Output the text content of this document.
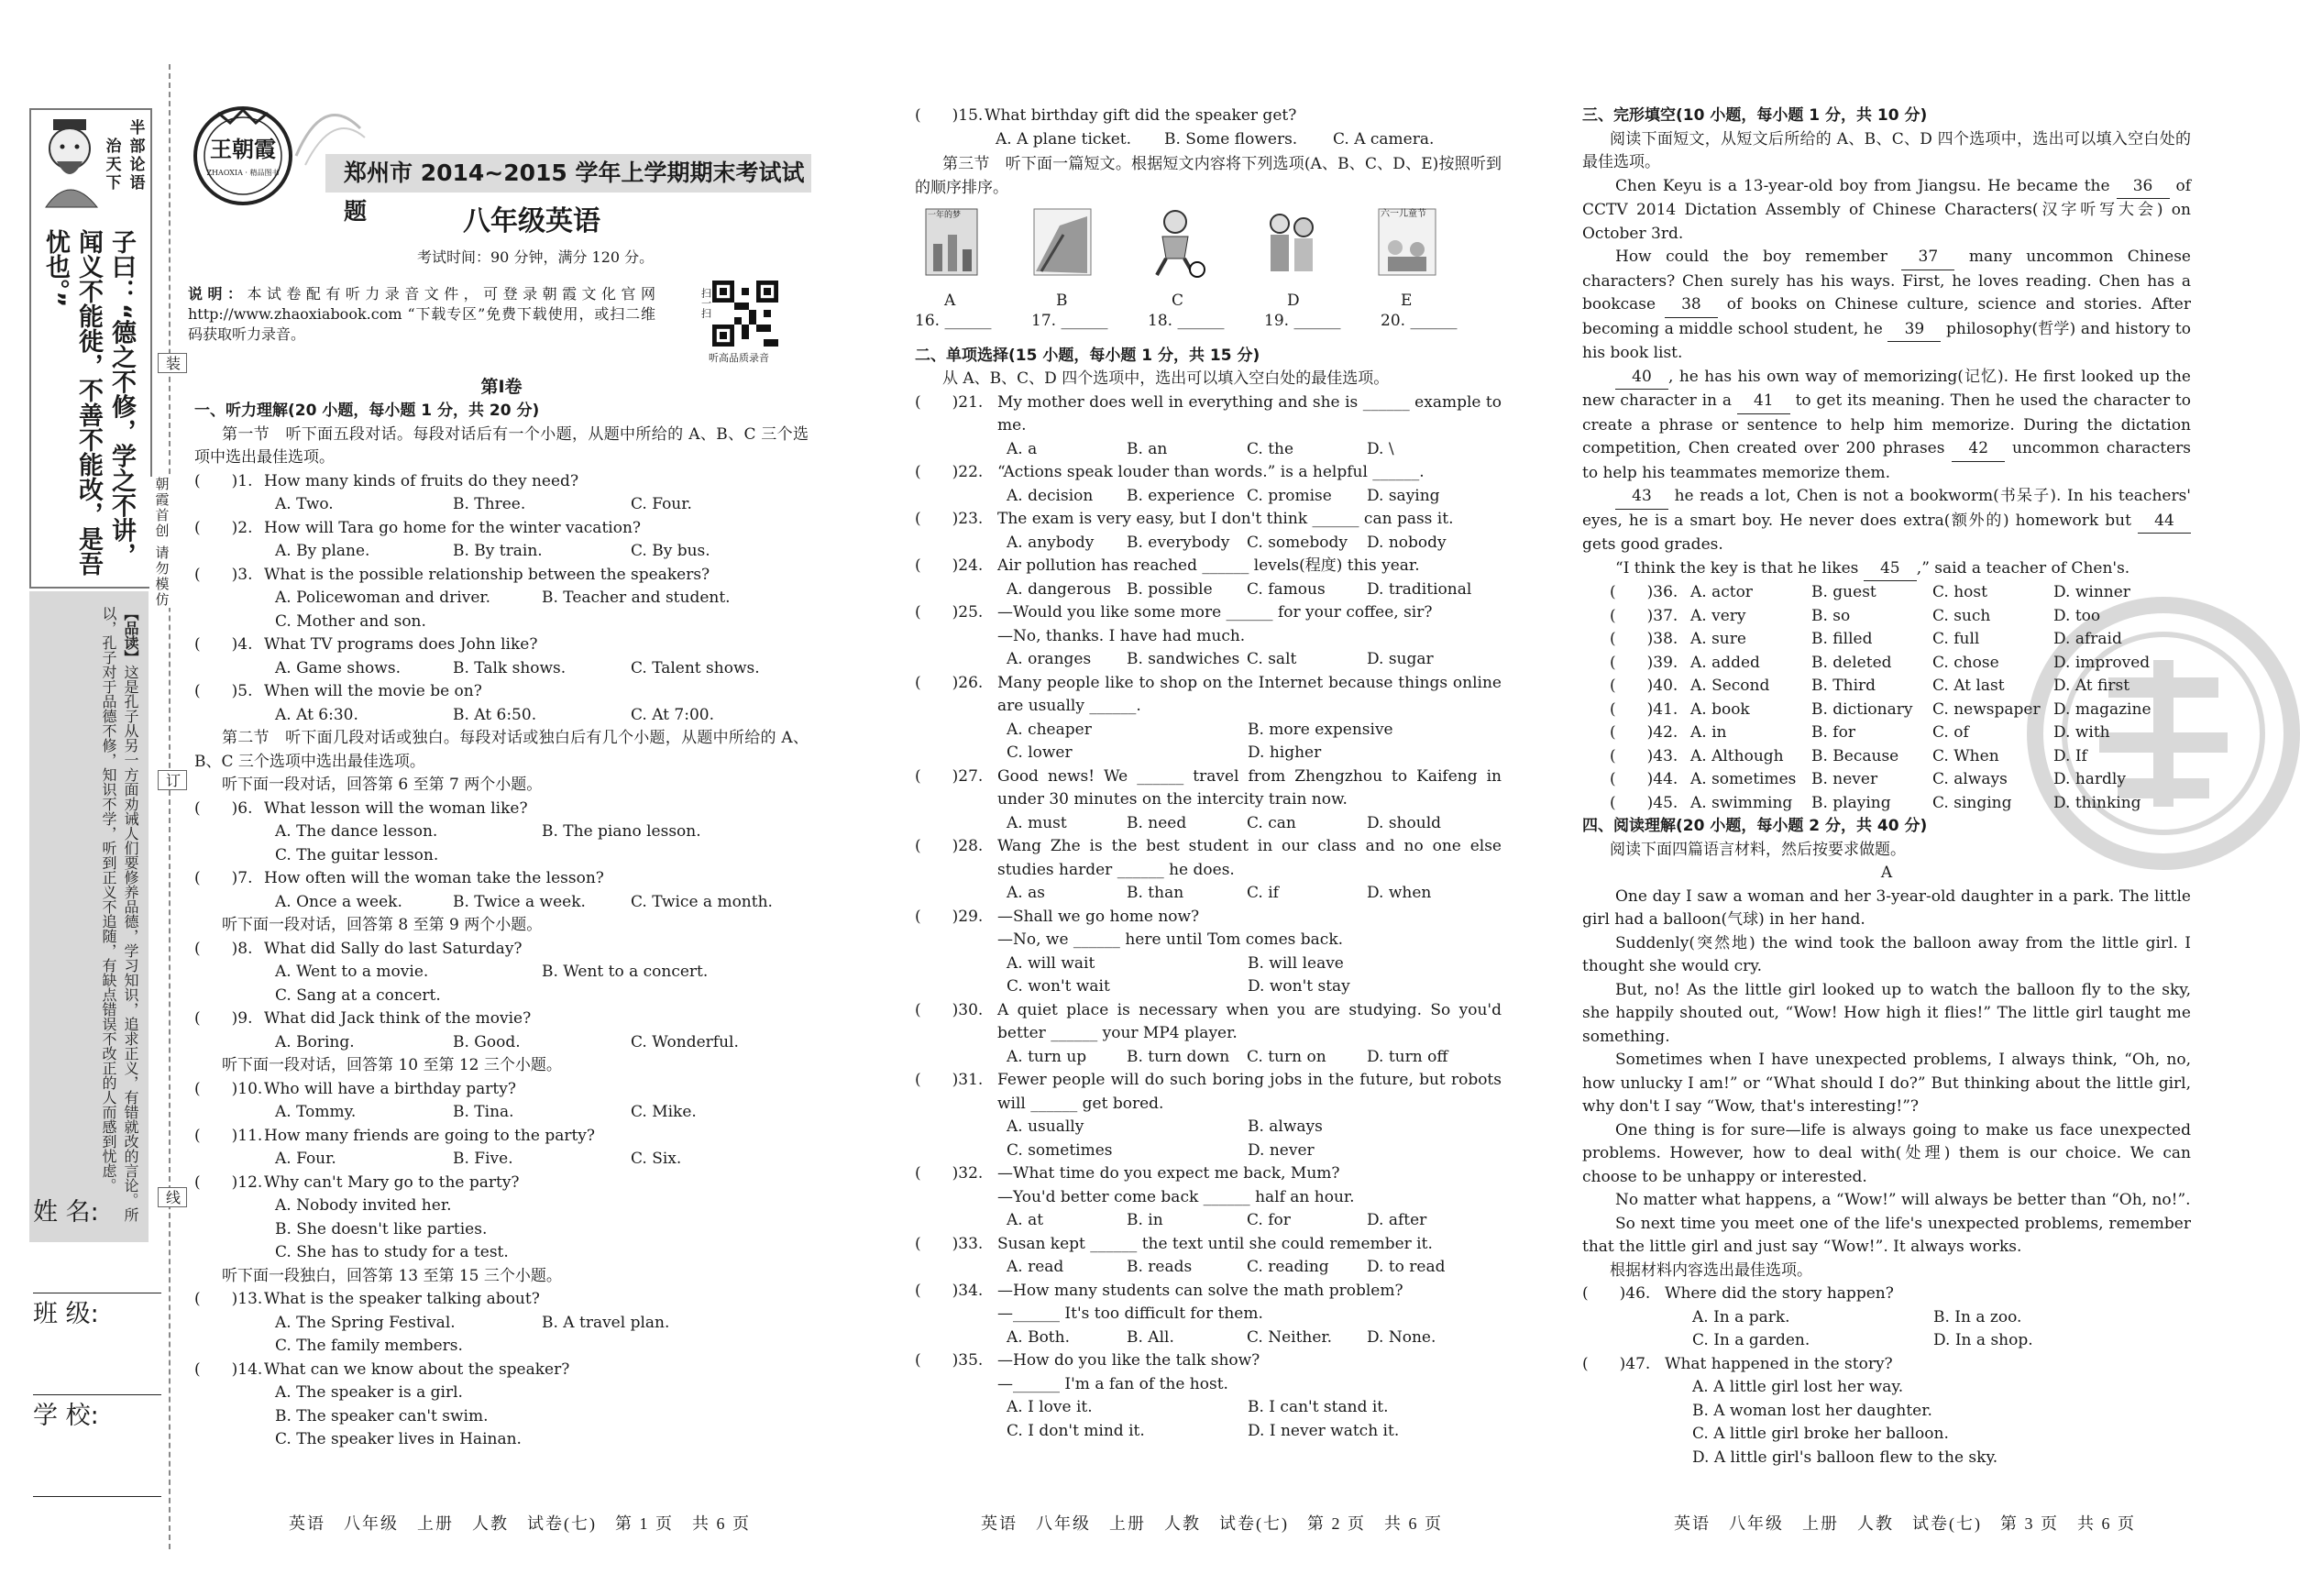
半部论语
治天下
子曰：“德之不修，学之不讲，闻义不能徙，不善不能改，是吾忧也。”
【品读】这是孔子从另一方面劝诫人们要修养品德，学习知识，追求正义，有错就改的言论。所以，孔子对于品德不修，知识不学，听到正义不追随，有缺点错误不改正的人而感到忧虑。
姓 名:
班 级:
学 校:
装
朝霞首创 请勿模仿
订
线
王朝霞
ZHAOXIA · 精品图书	郑州市 2014~2015 学年上学期期末考试试题	八年级英语
考试时间：90 分钟，满分 120 分。
说明：本试卷配有听力录音文件，可登录朝霞文化官网 http://www.zhaoxiabook.com “下载专区”免费下载使用，或扫二维码获取听力录音。
扫一扫
听高品质录音
第Ⅰ卷
一、听力理解(20 小题，每小题 1 分，共 20 分)
第一节　听下面五段对话。每段对话后有一个小题，从题中所给的 A、B、C 三个选项中选出最佳选项。
(　　)1. How many kinds of fruits do they need?
A. Two.	B. Three.	C. Four.
(　　)2. How will Tara go home for the winter vacation?
A. By plane.	B. By train.	C. By bus.
(　　)3. What is the possible relationship between the speakers?
A. Policewoman and driver.	B. Teacher and student.
C. Mother and son.
(　　)4. What TV programs does John like?
A. Game shows.	B. Talk shows.	C. Talent shows.
(　　)5. When will the movie be on?
A. At 6:30.	B. At 6:50.	C. At 7:00.
第二节　听下面几段对话或独白。每段对话或独白后有几个小题，从题中所给的 A、B、C 三个选项中选出最佳选项。
听下面一段对话，回答第 6 至第 7 两个小题。
(　　)6. What lesson will the woman like?
A. The dance lesson.	B. The piano lesson.
C. The guitar lesson.
(　　)7. How often will the woman take the lesson?
A. Once a week.	B. Twice a week.	C. Twice a month.
听下面一段对话，回答第 8 至第 9 两个小题。
(　　)8. What did Sally do last Saturday?
A. Went to a movie.	B. Went to a concert.
C. Sang at a concert.
(　　)9. What did Jack think of the movie?
A. Boring.	B. Good.	C. Wonderful.
听下面一段对话，回答第 10 至第 12 三个小题。
(　　)10. Who will have a birthday party?
A. Tommy.	B. Tina.	C. Mike.
(　　)11. How many friends are going to the party?
A. Four.	B. Five.	C. Six.
(　　)12. Why can't Mary go to the party?
A. Nobody invited her.
B. She doesn't like parties.
C. She has to study for a test.
听下面一段独白，回答第 13 至第 15 三个小题。
(　　)13. What is the speaker talking about?
A. The Spring Festival.	B. A travel plan.
C. The family members.
(　　)14. What can we know about the speaker?
A. The speaker is a girl.
B. The speaker can't swim.
C. The speaker lives in Hainan.
(　　)15. What birthday gift did the speaker get?
A. A plane ticket.	B. Some flowers.	C. A camera.
第三节　听下面一篇短文。根据短文内容将下列选项(A、B、C、D、E)按照听到的顺序排序。
一年的梦	六一儿童节
A	B	C	D	E
16. ______	17. ______	18. ______	19. ______	20. ______
二、单项选择(15 小题，每小题 1 分，共 15 分)
从 A、B、C、D 四个选项中，选出可以填入空白处的最佳选项。
(　　)21. My mother does well in everything and she is ______ example to me.
A. a	B. an	C. the	D. \
(　　)22. “Actions speak louder than words.” is a helpful ______.
A. decision	B. experience C. promise	D. saying
(　　)23. The exam is very easy, but I don't think ______ can pass it.
A. anybody	B. everybody	C. somebody	D. nobody
(　　)24. Air pollution has reached ______ levels(程度) this year.
A. dangerous B. possible	C. famous	D. traditional
(　　)25. —Would you like some more ______ for your coffee, sir?
—No, thanks. I have had much.
A. oranges	B. sandwiches C. salt	D. sugar
(　　)26. Many people like to shop on the Internet because things online are usually ______.
A. cheaper	B. more expensive
C. lower	D. higher
(　　)27. Good news! We ______ travel from Zhengzhou to Kaifeng in under 30 minutes on the intercity train now.
A. must	B. need	C. can	D. should
(　　)28. Wang Zhe is the best student in our class and no one else studies harder ______ he does.
A. as	B. than	C. if	D. when
(　　)29. —Shall we go home now?
—No, we ______ here until Tom comes back.
A. will wait	B. will leave
C. won't wait	D. won't stay
(　　)30. A quiet place is necessary when you are studying. So you'd better ______ your MP4 player.
A. turn up	B. turn down	C. turn on	D. turn off
(　　)31. Fewer people will do such boring jobs in the future, but robots will ______ get bored.
A. usually	B. always
C. sometimes	D. never
(　　)32. —What time do you expect me back, Mum?
—You'd better come back ______ half an hour.
A. at	B. in	C. for	D. after
(　　)33. Susan kept ______ the text until she could remember it.
A. read	B. reads	C. reading	D. to read
(　　)34. —How many students can solve the math problem?
—______ It's too difficult for them.
A. Both.	B. All.	C. Neither.	D. None.
(　　)35. —How do you like the talk show?
—______ I'm a fan of the host.
A. I love it.	B. I can't stand it.
C. I don't mind it.	D. I never watch it.
三、完形填空(10 小题，每小题 1 分，共 10 分)
阅读下面短文，从短文后所给的 A、B、C、D 四个选项中，选出可以填入空白处的最佳选项。
Chen Keyu is a 13-year-old boy from Jiangsu. He became the 36 of CCTV 2014 Dictation Assembly of Chinese Characters(汉字听写大会) on October 3rd.
How could the boy remember 37 many uncommon Chinese characters? Chen surely has his ways. First, he loves reading. Chen has a bookcase 38 of books on Chinese culture, science and stories. After becoming a middle school student, he 39 philosophy(哲学) and history to his book list.
40 , he has his own way of memorizing(记忆). He first looked up the new character in a 41 to get its meaning. Then he used the character to create a phrase or sentence to help him memorize. During the dictation competition, Chen created over 200 phrases 42 uncommon characters to help his teammates memorize them.
43 he reads a lot, Chen is not a bookworm(书呆子). In his teachers' eyes, he is a smart boy. He never does extra(额外的) homework but 44 gets good grades.
“I think the key is that he likes 45 ,” said a teacher of Chen's.
(　　)36. A. actor	B. guest	C. host	D. winner
(　　)37. A. very	B. so	C. such	D. too
(　　)38. A. sure	B. filled	C. full	D. afraid
(　　)39. A. added	B. deleted	C. chose	D. improved
(　　)40. A. Second	B. Third	C. At last	D. At first
(　　)41. A. book	B. dictionary	C. newspaper D. magazine
(　　)42. A. in	B. for	C. of	D. with
(　　)43. A. Although	B. Because	C. When	D. If
(　　)44. A. sometimes B. never	C. always	D. hardly
(　　)45. A. swimming	B. playing	C. singing	D. thinking
四、阅读理解(20 小题，每小题 2 分，共 40 分)
阅读下面四篇语言材料，然后按要求做题。
A
One day I saw a woman and her 3-year-old daughter in a park. The little girl had a balloon(气球) in her hand.
Suddenly(突然地) the wind took the balloon away from the little girl. I thought she would cry.
But, no! As the little girl looked up to watch the balloon fly to the sky, she happily shouted out, “Wow! How high it flies!” The little girl taught me something.
Sometimes when I have unexpected problems, I always think, “Oh, no, how unlucky I am!” or “What should I do?” But thinking about the little girl, why don't I say “Wow, that's interesting!”?
One thing is for sure—life is always going to make us face unexpected problems. However, how to deal with(处理) them is our choice. We can choose to be unhappy or interested.
No matter what happens, a “Wow!” will always be better than “Oh, no!”.
So next time you meet one of the life's unexpected problems, remember that the little girl and just say “Wow!”. It always works.
根据材料内容选出最佳选项。
(　　)46. Where did the story happen?
A. In a park.	B. In a zoo.
C. In a garden.	D. In a shop.
(　　)47. What happened in the story?
A. A little girl lost her way.
B. A woman lost her daughter.
C. A little girl broke her balloon.
D. A little girl's balloon flew to the sky.
英语　八年级　上册　人教　试卷(七)　第 1 页　共 6 页	英语　八年级　上册　人教　试卷(七)　第 2 页　共 6 页	英语　八年级　上册　人教　试卷(七)　第 3 页　共 6 页
